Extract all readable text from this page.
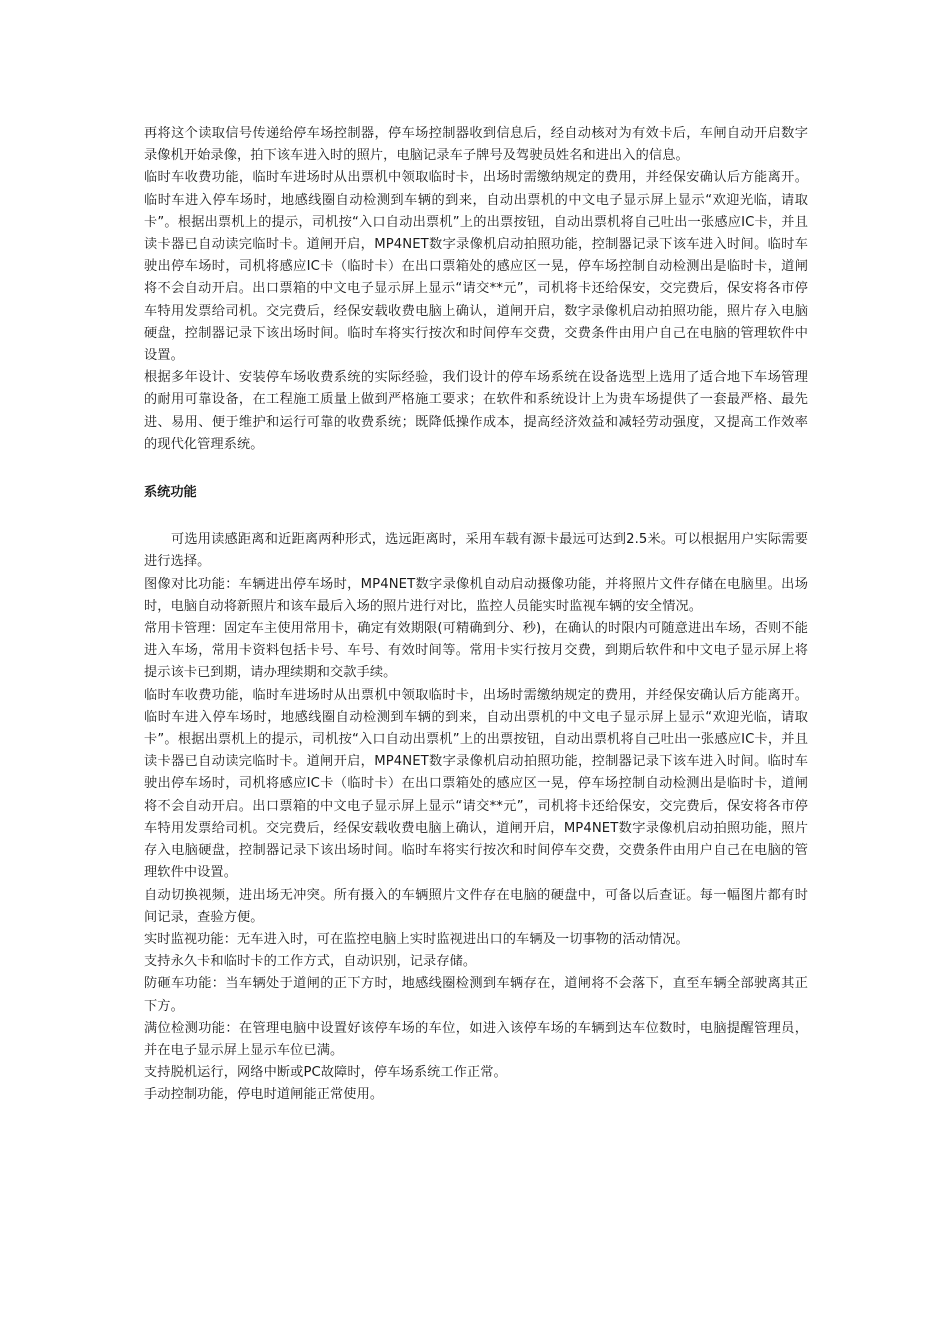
再将这个读取信号传递给停车场控制器，停车场控制器收到信息后，经自动核对为有效卡后，车闸自动开启数字录像机开始录像，拍下该车进入时的照片，电脑记录车子牌号及驾驶员姓名和进出入的信息。

临时车收费功能，临时车进场时从出票机中领取临时卡，出场时需缴纳规定的费用，并经保安确认后方能离开。临时车进入停车场时，地感线圈自动检测到车辆的到来，自动出票机的中文电子显示屏上显示“欢迎光临，请取卡”。根据出票机上的提示，司机按“入口自动出票机”上的出票按钮，自动出票机将自己吐出一张感应IC卡，并且读卡器已自动读完临时卡。道闸开启，MP4NET数字录像机启动拍照功能，控制器记录下该车进入时间。临时车驶出停车场时，司机将感应IC卡（临时卡）在出口票箱处的感应区一晃，停车场控制自动检测出是临时卡，道闸将不会自动开启。出口票箱的中文电子显示屏上显示“请交**元”，司机将卡还给保安，交完费后，保安将各市停车特用发票给司机。交完费后，经保安载收费电脑上确认，道闸开启，数字录像机启动拍照功能，照片存入电脑硬盘，控制器记录下该出场时间。临时车将实行按次和时间停车交费，交费条件由用户自己在电脑的管理软件中设置。

根据多年设计、安装停车场收费系统的实际经验，我们设计的停车场系统在设备选型上选用了适合地下车场管理的耐用可靠设备，在工程施工质量上做到严格施工要求；在软件和系统设计上为贵车场提供了一套最严格、最先进、易用、便于维护和运行可靠的收费系统；既降低操作成本，提高经济效益和减轻劳动强度，又提高工作效率的现代化管理系统。

系统功能

可选用读感距离和近距离两种形式，选远距离时，采用车载有源卡最远可达到2.5米。可以根据用户实际需要进行选择。

图像对比功能：车辆进出停车场时，MP4NET数字录像机自动启动摄像功能，并将照片文件存储在电脑里。出场时，电脑自动将新照片和该车最后入场的照片进行对比，监控人员能实时监视车辆的安全情况。

常用卡管理：固定车主使用常用卡，确定有效期限(可精确到分、秒)，在确认的时限内可随意进出车场，否则不能进入车场，常用卡资料包括卡号、车号、有效时间等。常用卡实行按月交费，到期后软件和中文电子显示屏上将提示该卡已到期，请办理续期和交款手续。

临时车收费功能，临时车进场时从出票机中领取临时卡，出场时需缴纳规定的费用，并经保安确认后方能离开。临时车进入停车场时，地感线圈自动检测到车辆的到来，自动出票机的中文电子显示屏上显示“欢迎光临，请取卡”。根据出票机上的提示，司机按“入口自动出票机”上的出票按钮，自动出票机将自己吐出一张感应IC卡，并且读卡器已自动读完临时卡。道闸开启，MP4NET数字录像机启动拍照功能，控制器记录下该车进入时间。临时车驶出停车场时，司机将感应IC卡（临时卡）在出口票箱处的感应区一晃，停车场控制自动检测出是临时卡，道闸将不会自动开启。出口票箱的中文电子显示屏上显示“请交**元”，司机将卡还给保安，交完费后，保安将各市停车特用发票给司机。交完费后，经保安载收费电脑上确认，道闸开启，MP4NET数字录像机启动拍照功能，照片存入电脑硬盘，控制器记录下该出场时间。临时车将实行按次和时间停车交费，交费条件由用户自己在电脑的管理软件中设置。

自动切换视频，进出场无冲突。所有摄入的车辆照片文件存在电脑的硬盘中，可备以后查证。每一幅图片都有时间记录，查验方便。

实时监视功能：无车进入时，可在监控电脑上实时监视进出口的车辆及一切事物的活动情况。

支持永久卡和临时卡的工作方式，自动识别，记录存储。

防砸车功能：当车辆处于道闸的正下方时，地感线圈检测到车辆存在，道闸将不会落下，直至车辆全部驶离其正下方。

满位检测功能：在管理电脑中设置好该停车场的车位，如进入该停车场的车辆到达车位数时，电脑提醒管理员，并在电子显示屏上显示车位已满。

支持脱机运行，网络中断或PC故障时，停车场系统工作正常。

手动控制功能，停电时道闸能正常使用。
